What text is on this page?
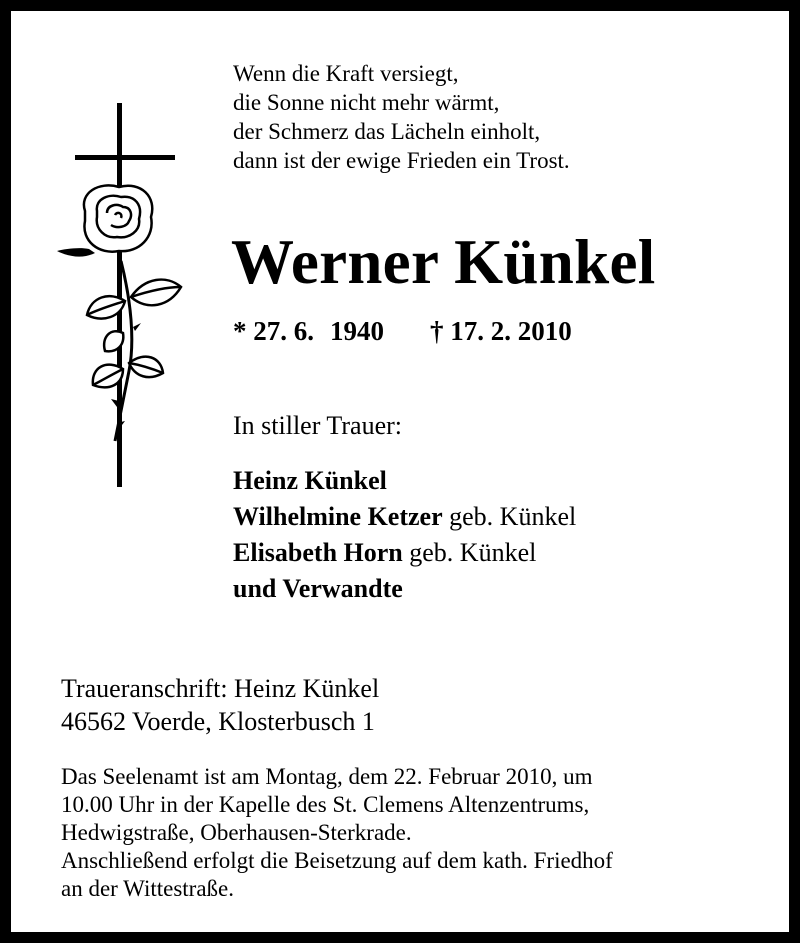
Wenn die Kraft versiegt,
die Sonne nicht mehr wärmt,
der Schmerz das Lächeln einholt,
dann ist der ewige Frieden ein Trost.
Werner Künkel
* 27. 6. 1940 † 17. 2. 2010
In stiller Trauer:
Heinz Künkel
Wilhelmine Ketzer geb. Künkel
Elisabeth Horn geb. Künkel
und Verwandte
Traueranschrift: Heinz Künkel
46562 Voerde, Klosterbusch 1
Das Seelenamt ist am Montag, dem 22. Februar 2010, um
10.00 Uhr in der Kapelle des St. Clemens Altenzentrums,
Hedwigstraße, Oberhausen-Sterkrade.
Anschließend erfolgt die Beisetzung auf dem kath. Friedhof
an der Wittestraße.
